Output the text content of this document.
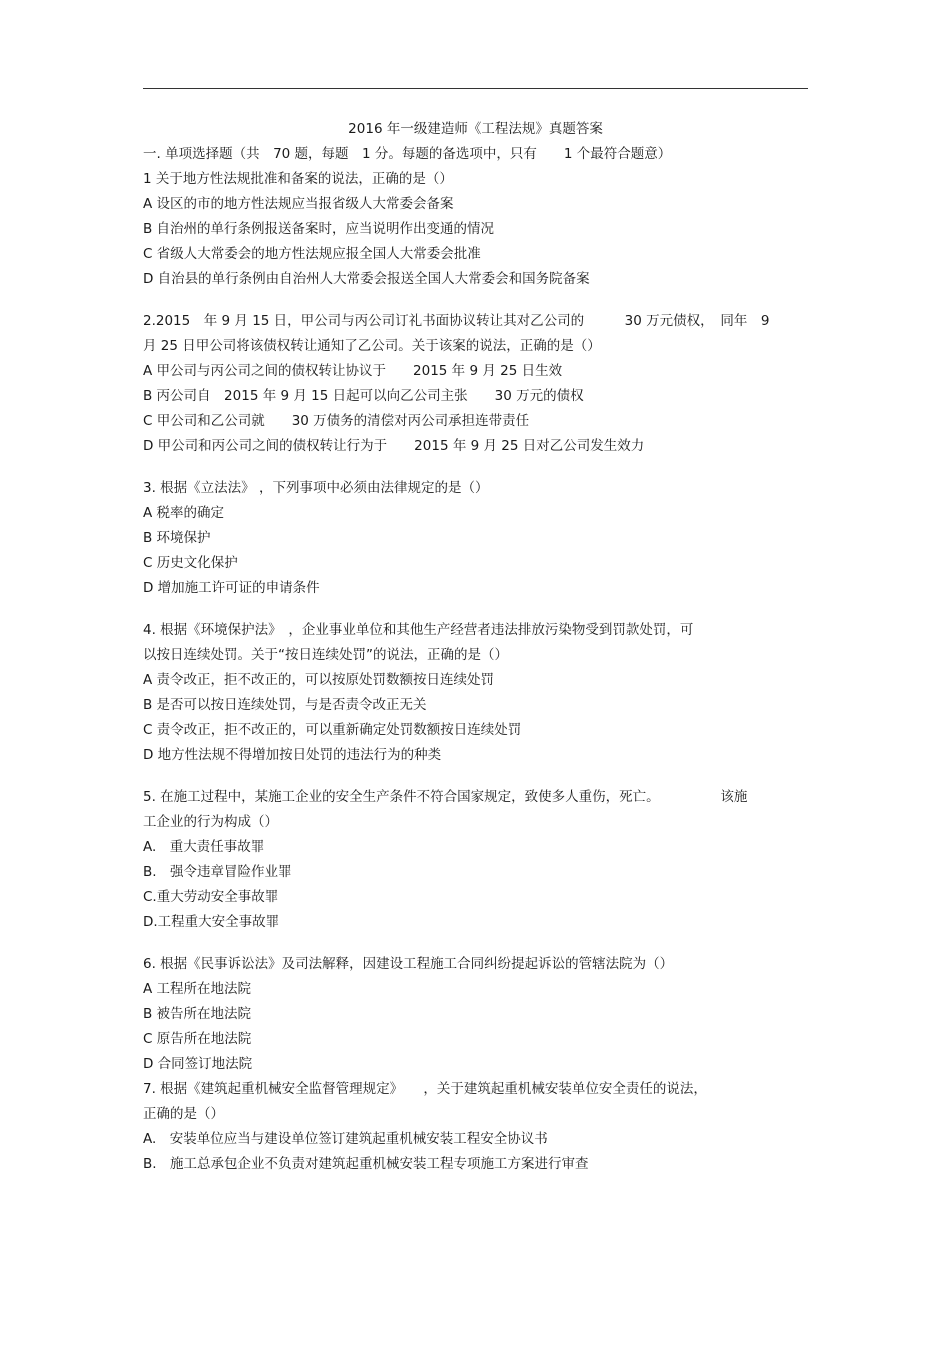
2016 年一级建造师《工程法规》真题答案
一. 单项选择题（共　70 题，每题　1 分。每题的备选项中，只有　　1 个最符合题意）
1 关于地方性法规批准和备案的说法，正确的是（）
A 设区的市的地方性法规应当报省级人大常委会备案
B 自治州的单行条例报送备案时，应当说明作出变通的情况
C 省级人大常委会的地方性法规应报全国人大常委会批准
D 自治县的单行条例由自治州人大常委会报送全国人大常委会和国务院备案
2.2015　年 9 月 15 日，甲公司与丙公司订礼书面协议转让其对乙公司的　　　30 万元债权，　同年　9
月 25 日甲公司将该债权转让通知了乙公司。关于该案的说法，正确的是（）
A 甲公司与丙公司之间的债权转让协议于　　2015 年 9 月 25 日生效
B 丙公司自　2015 年 9 月 15 日起可以向乙公司主张　　30 万元的债权
C 甲公司和乙公司就　　30 万债务的清偿对丙公司承担连带责任
D 甲公司和丙公司之间的债权转让行为于　　2015 年 9 月 25 日对乙公司发生效力
3. 根据《立法法》 ，下列事项中必须由法律规定的是（）
A 税率的确定
B 环境保护
C 历史文化保护
D 增加施工许可证的申请条件
4. 根据《环境保护法》　，企业事业单位和其他生产经营者违法排放污染物受到罚款处罚，可
以按日连续处罚。关于“按日连续处罚”的说法，正确的是（）
A 责令改正，拒不改正的，可以按原处罚数额按日连续处罚
B 是否可以按日连续处罚，与是否责令改正无关
C 责令改正，拒不改正的，可以重新确定处罚数额按日连续处罚
D 地方性法规不得增加按日处罚的违法行为的种类
5. 在施工过程中，某施工企业的安全生产条件不符合国家规定，致使多人重伤，死亡。　　　　　该施
工企业的行为构成（）
A.　重大责任事故罪
B.　强令违章冒险作业罪
C.重大劳动安全事故罪
D.工程重大安全事故罪
6. 根据《民事诉讼法》及司法解释，因建设工程施工合同纠纷提起诉讼的管辖法院为（）
A 工程所在地法院
B 被告所在地法院
C 原告所在地法院
D 合同签订地法院
7. 根据《建筑起重机械安全监督管理规定》　　，关于建筑起重机械安装单位安全责任的说法，
正确的是（）
A.　安装单位应当与建设单位签订建筑起重机械安装工程安全协议书
B.　施工总承包企业不负责对建筑起重机械安装工程专项施工方案进行审查
